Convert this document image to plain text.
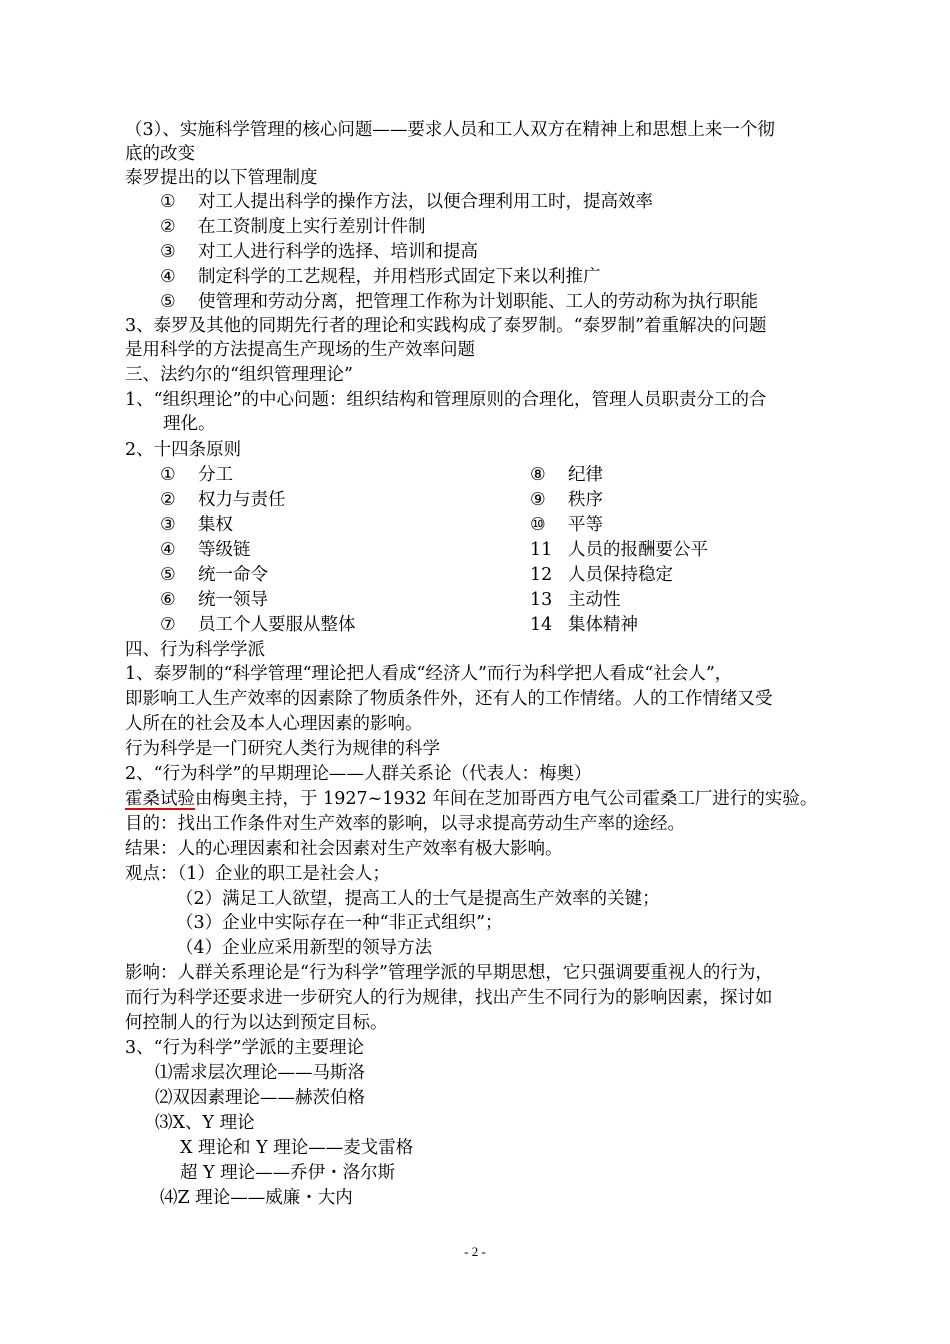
（3）、实施科学管理的核心问题——要求人员和工人双方在精神上和思想上来一个彻
底的改变
泰罗提出的以下管理制度
① 对工人提出科学的操作方法，以便合理利用工时，提高效率
② 在工资制度上实行差别计件制
③ 对工人进行科学的选择、培训和提高
④ 制定科学的工艺规程，并用档形式固定下来以利推广
⑤ 使管理和劳动分离，把管理工作称为计划职能、工人的劳动称为执行职能
3、泰罗及其他的同期先行者的理论和实践构成了泰罗制。“泰罗制”着重解决的问题
是用科学的方法提高生产现场的生产效率问题
三、法约尔的“组织管理理论”
1、“组织理论”的中心问题：组织结构和管理原则的合理化，管理人员职责分工的合
理化。
2、十四条原则
① 分工
② 权力与责任
③ 集权
④ 等级链
⑤ 统一命令
⑥ 统一领导
⑦ 员工个人要服从整体
⑧ 纪律
⑨ 秩序
⑩ 平等
11 人员的报酬要公平
12 人员保持稳定
13 主动性
14 集体精神
四、行为科学学派
1、泰罗制的“科学管理“理论把人看成“经济人”而行为科学把人看成“社会人”，
即影响工人生产效率的因素除了物质条件外，还有人的工作情绪。人的工作情绪又受
人所在的社会及本人心理因素的影响。
行为科学是一门研究人类行为规律的科学
2、“行为科学”的早期理论——人群关系论（代表人：梅奥）
霍桑试验由梅奥主持，于 1927~1932 年间在芝加哥西方电气公司霍桑工厂进行的实验。
目的：找出工作条件对生产效率的影响，以寻求提高劳动生产率的途经。
结果：人的心理因素和社会因素对生产效率有极大影响。
观点：（1）企业的职工是社会人；
（2）满足工人欲望，提高工人的士气是提高生产效率的关键；
（3）企业中实际存在一种“非正式组织”；
（4）企业应采用新型的领导方法
影响：人群关系理论是“行为科学”管理学派的早期思想，它只强调要重视人的行为，
而行为科学还要求进一步研究人的行为规律，找出产生不同行为的影响因素，探讨如
何控制人的行为以达到预定目标。
3、“行为科学”学派的主要理论
⑴需求层次理论——马斯洛
⑵双因素理论——赫茨伯格
⑶X、Y 理论
X 理论和 Y 理论——麦戈雷格
超 Y 理论——乔伊・洛尔斯
⑷Z 理论——威廉・大内
- 2 -
